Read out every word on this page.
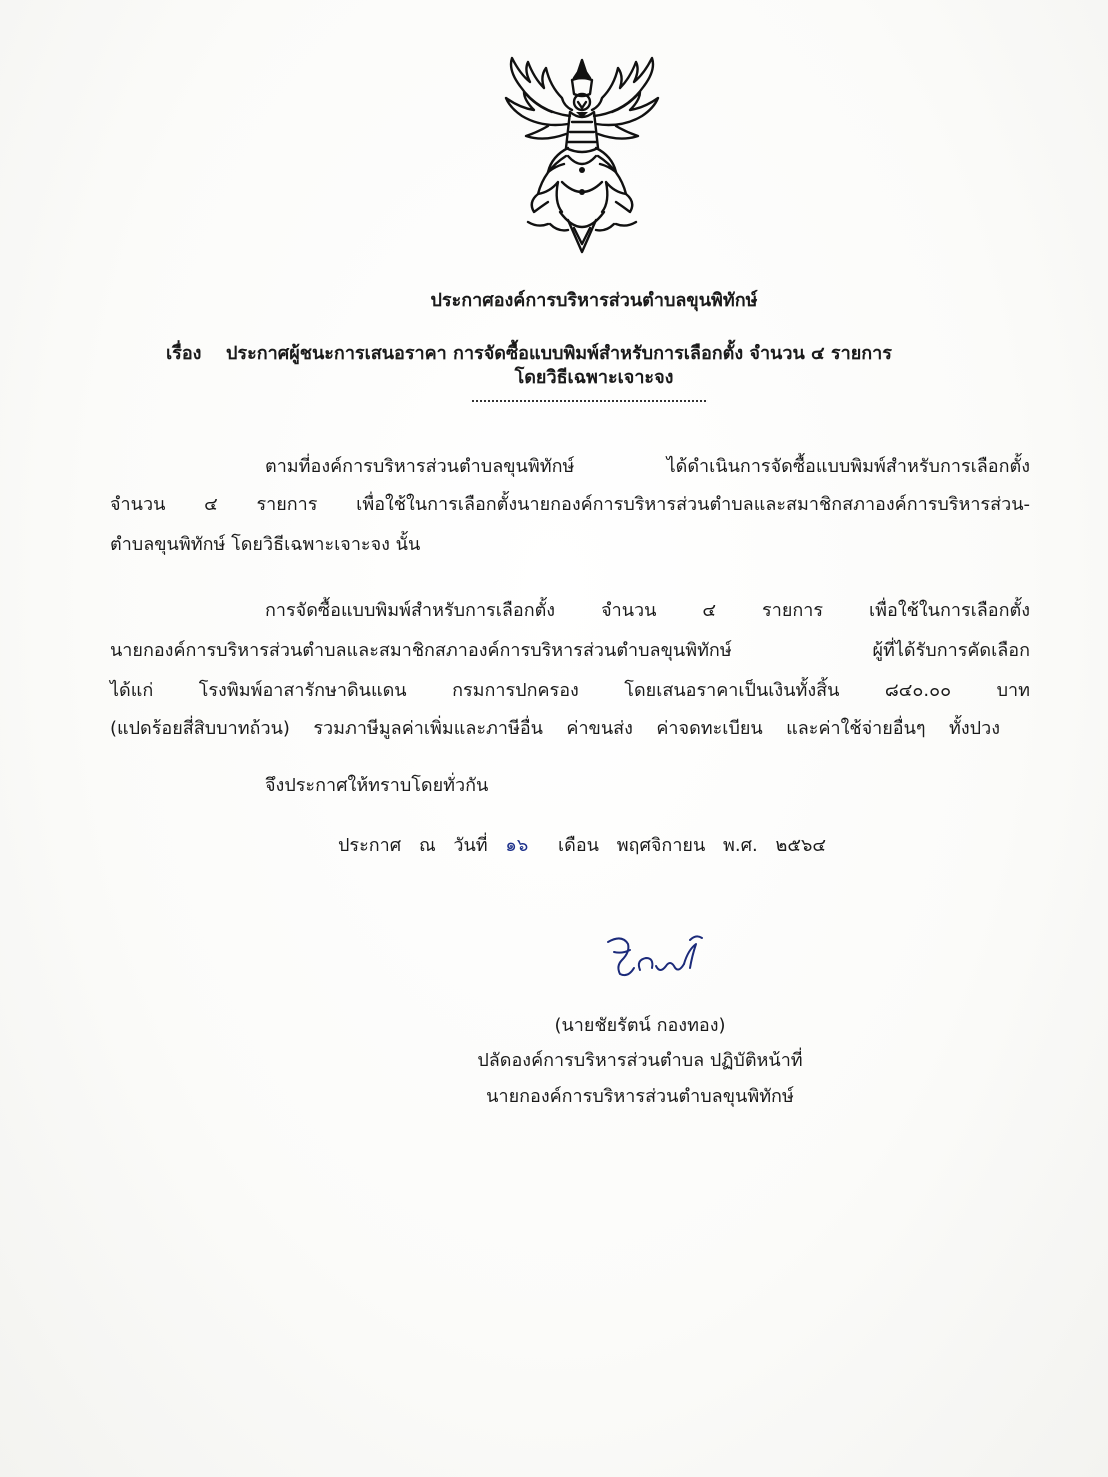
ประกาศองค์การบริหารส่วนตำบลขุนพิทักษ์
เรื่อง ประกาศผู้ชนะการเสนอราคา การจัดซื้อแบบพิมพ์สำหรับการเลือกตั้ง จำนวน ๔ รายการ
โดยวิธีเฉพาะเจาะจง
ตามที่องค์การบริหารส่วนตำบลขุนพิทักษ์ ได้ดำเนินการจัดซื้อแบบพิมพ์สำหรับการเลือกตั้ง
จำนวน ๔ รายการ เพื่อใช้ในการเลือกตั้งนายกองค์การบริหารส่วนตำบลและสมาชิกสภาองค์การบริหารส่วน-
ตำบลขุนพิทักษ์ โดยวิธีเฉพาะเจาะจง นั้น
การจัดซื้อแบบพิมพ์สำหรับการเลือกตั้ง จำนวน ๔ รายการ เพื่อใช้ในการเลือกตั้ง
นายกองค์การบริหารส่วนตำบลและสมาชิกสภาองค์การบริหารส่วนตำบลขุนพิทักษ์ ผู้ที่ได้รับการคัดเลือก
ได้แก่ โรงพิมพ์อาสารักษาดินแดน กรมการปกครอง โดยเสนอราคาเป็นเงินทั้งสิ้น ๘๔๐.๐๐ บาท
(แปดร้อยสี่สิบบาทถ้วน) รวมภาษีมูลค่าเพิ่มและภาษีอื่น ค่าขนส่ง ค่าจดทะเบียน และค่าใช้จ่ายอื่นๆ ทั้งปวง
จึงประกาศให้ทราบโดยทั่วกัน
ประกาศ ณ วันที่ ๑๖ เดือน พฤศจิกายน พ.ศ. ๒๕๖๔
(นายชัยรัตน์ กองทอง)
ปลัดองค์การบริหารส่วนตำบล ปฏิบัติหน้าที่
นายกองค์การบริหารส่วนตำบลขุนพิทักษ์
